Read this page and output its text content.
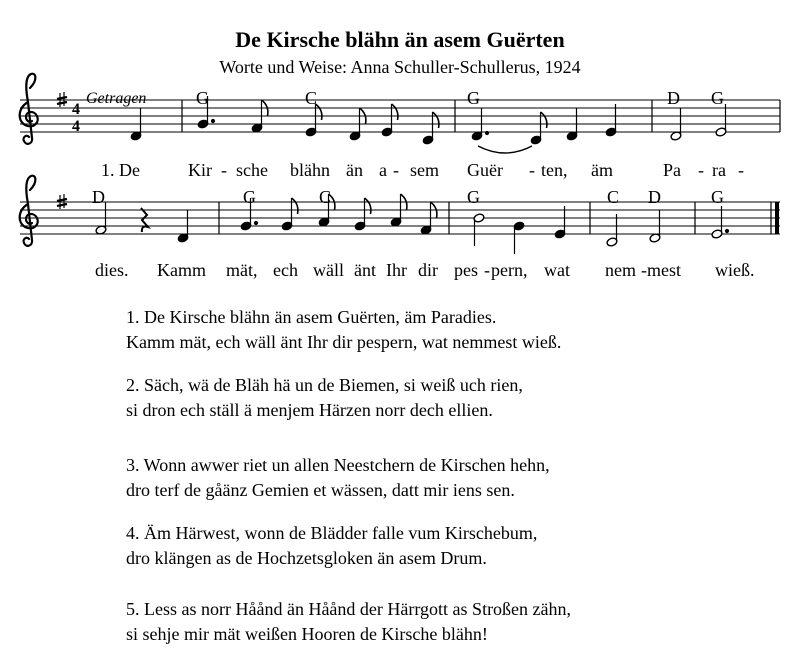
De Kirsche blähn än asem Guërten
Worte und Weise: Anna Schuller-Schullerus, 1924
4
4
Getragen	G	C	G	D G
1. De	Kir - sche blähn än a - sem Guër - ten, äm	Pa - ra -
D	G	C	G	C D	G
dies. Kamm mät, ech wäll änt Ihr dir pes - pern, wat nem - mest wieß.
1. De Kirsche blähn än asem Guërten, äm Paradies.
Kamm mät, ech wäll änt Ihr dir pespern, wat nemmest wieß.
2. Säch, wä de Bläh hä un de Biemen, si weiß uch rien,
si dron ech ställ ä menjem Härzen norr dech ellien.
3. Wonn awwer riet un allen Neestchern de Kirschen hehn,
dro terf de gåänz Gemien et wässen, datt mir iens sen.
4. Äm Härwest, wonn de Blädder falle vum Kirschebum,
dro klängen as de Hochzetsgloken än asem Drum.
5. Less as norr Håånd än Håånd der Härrgott as Stroßen zähn,
si sehje mir mät weißen Hooren de Kirsche blähn!
